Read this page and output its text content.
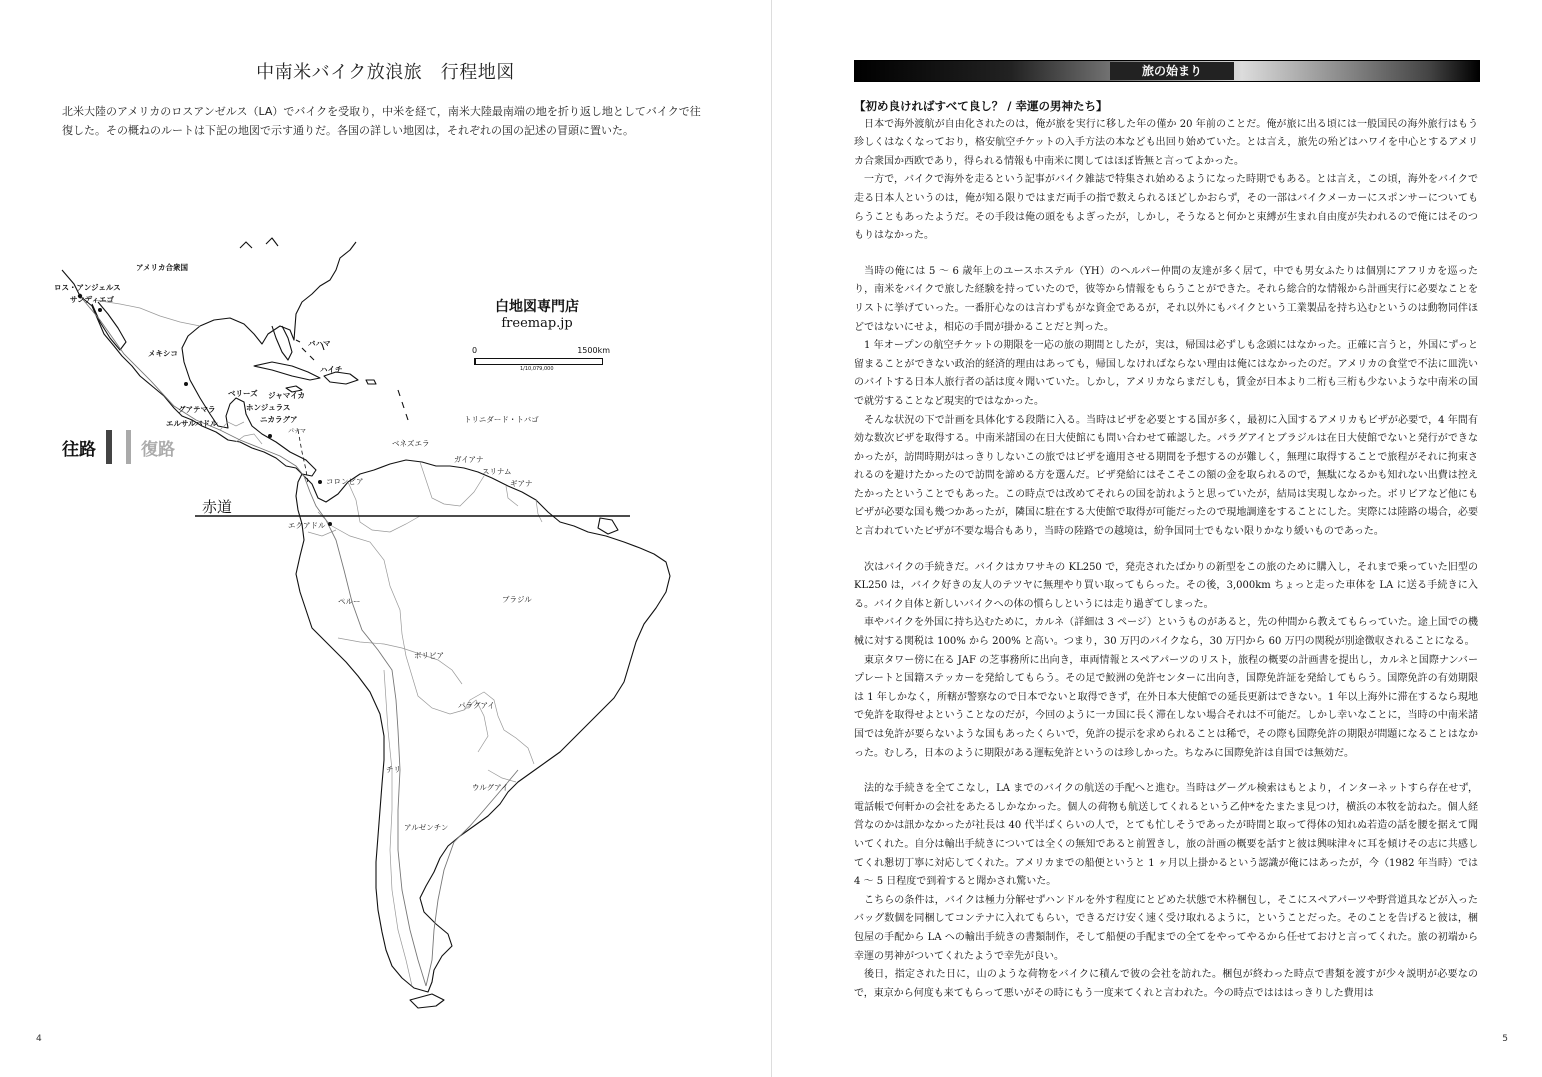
中南米バイク放浪旅　行程地図
北米大陸のアメリカのロスアンゼルス（LA）でバイクを受取り，中米を経て，南米大陸最南端の地を折り返し地としてバイクで往復した。その概ねのルートは下記の地図で示す通りだ。各国の詳しい地図は，それぞれの国の記述の冒頭に置いた。
アメリカ合衆国
ロス・アンジェルス
サンディエゴ
メキシコ
バハマ
ハイチ
ベリーズ ジャマイカ
グアテマラ	ホンジュラス
エルサルバドル	ニカラグア
パナマ
トリニダード・トバゴ
ベネズエラ
ガイアナ
スリナム
ギアナ
コロンビア
エクアドル
ペルー	ブラジル
ボリビア
パラグアイ
チリ
ウルグアイ
アルゼンチン
白地図専門店
freemap.jp
0	1500km
1/10,079,000
往路	復路
赤道
4
旅の始まり
【初め良ければすべて良し？ / 幸運の男神たち】

日本で海外渡航が自由化されたのは，俺が旅を実行に移した年の僅か 20 年前のことだ。俺が旅に出る頃には一般国民の海外旅行はもう珍しくはなくなっており，格安航空チケットの入手方法の本なども出回り始めていた。とは言え，旅先の殆どはハワイを中心とするアメリカ合衆国か西欧であり，得られる情報も中南米に関してはほぼ皆無と言ってよかった。

一方で，バイクで海外を走るという記事がバイク雑誌で特集され始めるようになった時期でもある。とは言え，この頃，海外をバイクで走る日本人というのは，俺が知る限りではまだ両手の指で数えられるほどしかおらず，その一部はバイクメーカーにスポンサーについてもらうこともあったようだ。その手段は俺の頭をもよぎったが，しかし，そうなると何かと束縛が生まれ自由度が失われるので俺にはそのつもりはなかった。

当時の俺には 5 ～ 6 歳年上のユースホステル（YH）のヘルパー仲間の友達が多く居て，中でも男女ふたりは個別にアフリカを巡ったり，南米をバイクで旅した経験を持っていたので，彼等から情報をもらうことができた。それら総合的な情報から計画実行に必要なことをリストに挙げていった。一番肝心なのは言わずもがな資金であるが，それ以外にもバイクという工業製品を持ち込むというのは動物同伴ほどではないにせよ，相応の手間が掛かることだと判った。

1 年オープンの航空チケットの期限を一応の旅の期間としたが，実は，帰国は必ずしも念頭にはなかった。正確に言うと，外国にずっと留まることができない政治的経済的理由はあっても，帰国しなければならない理由は俺にはなかったのだ。アメリカの食堂で不法に皿洗いのバイトする日本人旅行者の話は度々聞いていた。しかし，アメリカならまだしも，賃金が日本より二桁も三桁も少ないような中南米の国で就労することなど現実的ではなかった。

そんな状況の下で計画を具体化する段階に入る。当時はビザを必要とする国が多く，最初に入国するアメリカもビザが必要で，4 年間有効な数次ビザを取得する。中南米諸国の在日大使館にも問い合わせて確認した。パラグアイとブラジルは在日大使館でないと発行ができなかったが，訪問時期がはっきりしないこの旅ではビザを適用させる期間を予想するのが難しく，無理に取得することで旅程がそれに拘束されるのを避けたかったので訪問を諦める方を選んだ。ビザ発給にはそこそこの額の金を取られるので，無駄になるかも知れない出費は控えたかったということでもあった。この時点では改めてそれらの国を訪れようと思っていたが，結局は実現しなかった。ボリビアなど他にもビザが必要な国も幾つかあったが，隣国に駐在する大使館で取得が可能だったので現地調達をすることにした。実際には陸路の場合，必要と言われていたビザが不要な場合もあり，当時の陸路での越境は，紛争国同士でもない限りかなり緩いものであった。

次はバイクの手続きだ。バイクはカワサキの KL250 で，発売されたばかりの新型をこの旅のために購入し，それまで乗っていた旧型の KL250 は，バイク好きの友人のテツヤに無理やり買い取ってもらった。その後，3,000km ちょっと走った車体を LA に送る手続きに入る。バイク自体と新しいバイクへの体の慣らしというには走り過ぎてしまった。

車やバイクを外国に持ち込むために，カルネ（詳細は 3 ページ）というものがあると，先の仲間から教えてもらっていた。途上国での機械に対する関税は 100% から 200% と高い。つまり，30 万円のバイクなら，30 万円から 60 万円の関税が別途徴収されることになる。

東京タワー傍に在る JAF の芝事務所に出向き，車両情報とスペアパーツのリスト，旅程の概要の計画書を提出し，カルネと国際ナンバープレートと国籍ステッカーを発給してもらう。その足で鮫洲の免許センターに出向き，国際免許証を発給してもらう。国際免許の有効期限は 1 年しかなく，所轄が警察なので日本でないと取得できず，在外日本大使館での延長更新はできない。1 年以上海外に滞在するなら現地で免許を取得せよということなのだが，今回のように一カ国に長く滞在しない場合それは不可能だ。しかし幸いなことに，当時の中南米諸国では免許が要らないような国もあったくらいで，免許の提示を求められることは稀で，その際も国際免許の期限が問題になることはなかった。むしろ，日本のように期限がある運転免許というのは珍しかった。ちなみに国際免許は自国では無効だ。

法的な手続きを全てこなし，LA までのバイクの航送の手配へと進む。当時はグーグル検索はもとより，インターネットすら存在せず，電話帳で何軒かの会社をあたるしかなかった。個人の荷物も航送してくれるという乙仲*をたまたま見つけ，横浜の本牧を訪ねた。個人経営なのかは訊かなかったが社長は 40 代半ばくらいの人で，とても忙しそうであったが時間と取って得体の知れぬ若造の話を腰を据えて聞いてくれた。自分は輸出手続きについては全くの無知であると前置きし，旅の計画の概要を話すと彼は興味津々に耳を傾けその志に共感してくれ懇切丁寧に対応してくれた。アメリカまでの船便というと 1 ヶ月以上掛かるという認識が俺にはあったが，今（1982 年当時）では 4 ～ 5 日程度で到着すると聞かされ驚いた。

こちらの条件は，バイクは極力分解せずハンドルを外す程度にとどめた状態で木枠梱包し，そこにスペアパーツや野営道具などが入ったバッグ数個を同梱してコンテナに入れてもらい，できるだけ安く速く受け取れるように，ということだった。そのことを告げると彼は，梱包屋の手配から LA への輸出手続きの書類制作，そして船便の手配までの全てをやってやるから任せておけと言ってくれた。旅の初端から幸運の男神がついてくれたようで幸先が良い。

後日，指定された日に，山のような荷物をバイクに積んで彼の会社を訪れた。梱包が終わった時点で書類を渡すが少々説明が必要なので，東京から何度も来てもらって悪いがその時にもう一度来てくれと言われた。今の時点ではははっきりした費用は

5
